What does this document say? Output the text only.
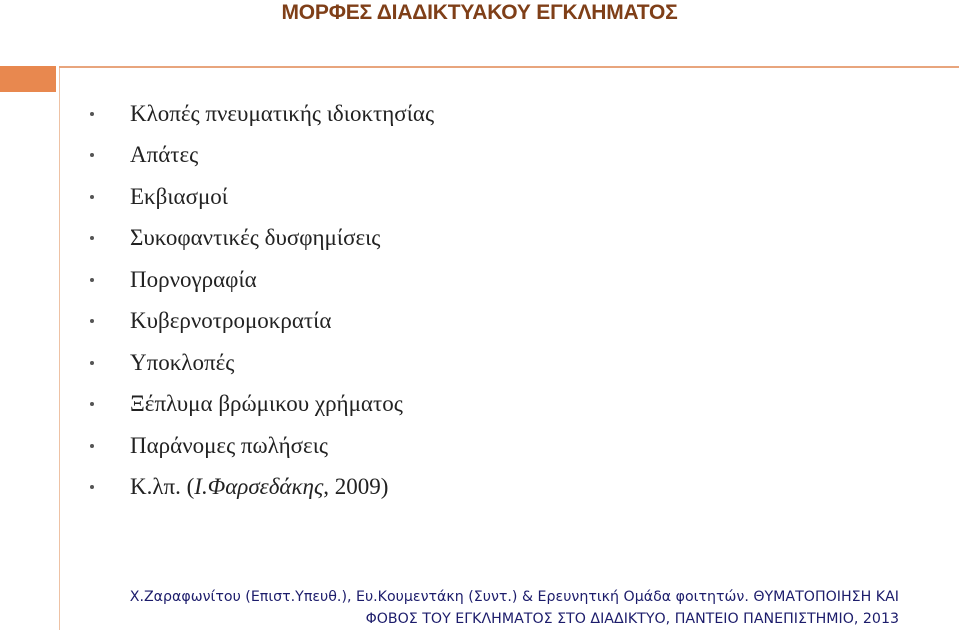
ΜΟΡΦΕΣ ΔΙΑΔΙΚΤΥΑΚΟΥ ΕΓΚΛΗΜΑΤΟΣ
Κλοπές πνευματικής ιδιοκτησίας
Απάτες
Εκβιασμοί
Συκοφαντικές δυσφημίσεις
Πορνογραφία
Κυβερνοτρομοκρατία
Υποκλοπές
Ξέπλυμα βρώμικου χρήματος
Παράνομες πωλήσεις
Κ.λπ. ( Ι.Φαρσεδάκης , 2009)
Χ.Ζαραφωνίτου (Επιστ.Υπευθ.), Ευ.Κουμεντάκη (Συντ.) & Ερευνητική Ομάδα φοιτητών. ΘΥΜΑΤΟΠΟΙΗΣΗ ΚΑΙ
ΦΟΒΟΣ ΤΟΥ ΕΓΚΛΗΜΑΤΟΣ ΣΤΟ ΔΙΑΔΙΚΤΥΟ, ΠΑΝΤΕΙΟ ΠΑΝΕΠΙΣΤΗΜΙΟ, 2013
